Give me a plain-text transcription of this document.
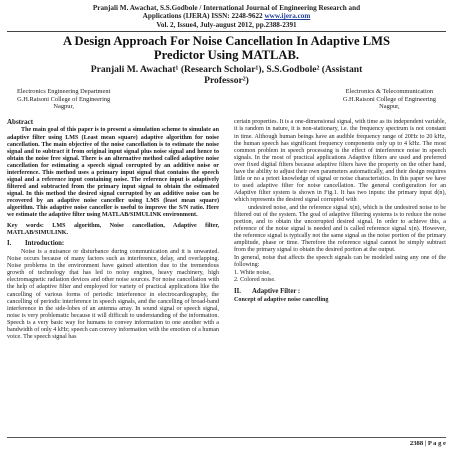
Pranjali M. Awachat, S.S.Godbole / International Journal of Engineering Research and
Applications (IJERA) ISSN: 2248-9622 www.ijera.com
Vol. 2, Issue4, July-august 2012, pp.2388-2391
A Design Approach For Noise Cancellation In Adaptive LMS
Predictor Using MATLAB.
Pranjali M. Awachat¹ (Research Scholar¹), S.S.Godbole² (Assistant
Professor²)
Electronics Engineering Department
G.H.Raisoni College of Engineering
Nagpur,
Electronics & Telecommunication
G.H.Raisoni College of Engineering
Nagpur,
Abstract

The main goal of this paper is to present a simulation scheme to simulate an adaptive filter using LMS (Least mean square) adaptive algorithm for noise cancellation. The main objective of the noise cancellation is to estimate the noise signal and to subtract it from original input signal plus noise signal and hence to obtain the noise free signal. There is an alternative method called adaptive noise cancellation for estimating a speech signal corrupted by an additive noise or interference. This method uses a primary input signal that contains the speech signal and a reference input containing noise. The reference input is adaptively filtered and subtracted from the primary input signal to obtain the estimated signal. In this method the desired signal corrupted by an additive noise can be recovered by an adaptive noise canceller using LMS (least mean square) algorithm. This adaptive noise canceller is useful to improve the S/N ratio. Here we estimate the adaptive filter using MATLAB/SIMULINK environment.

Key words: LMS algorithm, Noise cancellation, Adaptive filter, MATLAB/SIMULINK.

I. Introduction:

Noise is a nuisance or disturbance during communication and it is unwanted. Noise occurs because of many factors such as interference, delay, and overlapping. Noise problems in the environment have gained attention due to the tremendous growth of technology that has led to noisy engines, heavy machinery, high electromagnetic radiation devices and other noise sources. For noise cancellation with the help of adaptive filter and employed for variety of practical applications like the cancelling of various forms of periodic interference in electrocardiography, the cancelling of periodic interference in speech signals, and the cancelling of broad-band interference in the side-lobes of an antenna array. In sound signal or speech signal, noise is very problematic because it will difficult to understanding of the information. Speech is a very basic way for humans to convey information to one another with a bandwidth of only 4 kHz; speech can convey information with the emotion of a human voice. The speech signal has

certain properties. It is a one-dimensional signal, with time as its independent variable, it is random in nature, it is non-stationary, i.e. the frequency spectrum is not constant in time. Although human beings have an audible frequency range of 20Hz to 20 kHz, the human speech has significant frequency components only up to 4 kHz. The most common problem in speech processing is the effect of interference noise in speech signals. In the most of practical applications Adaptive filters are used and preferred over fixed digital filters because adaptive filters have the property on the other hand, have the ability to adjust their own parameters automatically, and their design requires little or no a priori knowledge of signal or noise characteristics. In this paper we have to used adaptive filter for noise cancellation. The general configuration for an Adaptive filter system is shown in Fig.1. It has two inputs: the primary input d(n), which represents the desired signal corrupted with

undesired noise, and the reference signal x(n), which is the undesired noise to be filtered out of the system. The goal of adaptive filtering systems is to reduce the noise portion, and to obtain the uncorrupted desired signal. In order to achieve this, a reference of the noise signal is needed and is called reference signal x(n). However, the reference signal is typically not the same signal as the noise portion of the primary amplitude, phase or time. Therefore the reference signal cannot be simply subtract from the primary signal to obtain the desired portion at the output.

In general, noise that affects the speech signals can be modeled using any one of the following:

1. White noise,
2. Colored noise.
II. Adaptive Filter :

Concept of adaptive noise cancelling

2388 | P a g e
